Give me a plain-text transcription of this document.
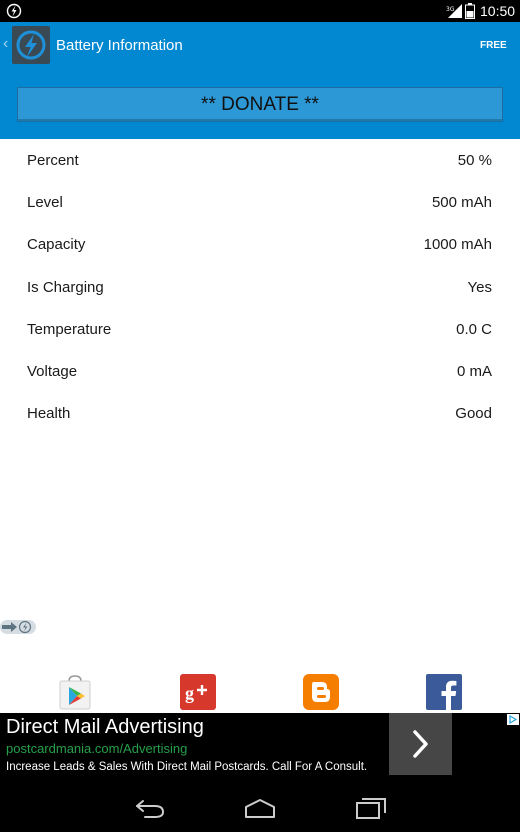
3G 10:50
‹	Battery Information	FREE
** DONATE **
Percent	50 %
Level	500 mAh
Capacity	1000 mAh
Is Charging	Yes
Temperature	0.0 C
Voltage	0 mA
Health	Good
g
Direct Mail Advertising
postcardmania.com/Advertising
Increase Leads & Sales With Direct Mail Postcards. Call For A Consult.
